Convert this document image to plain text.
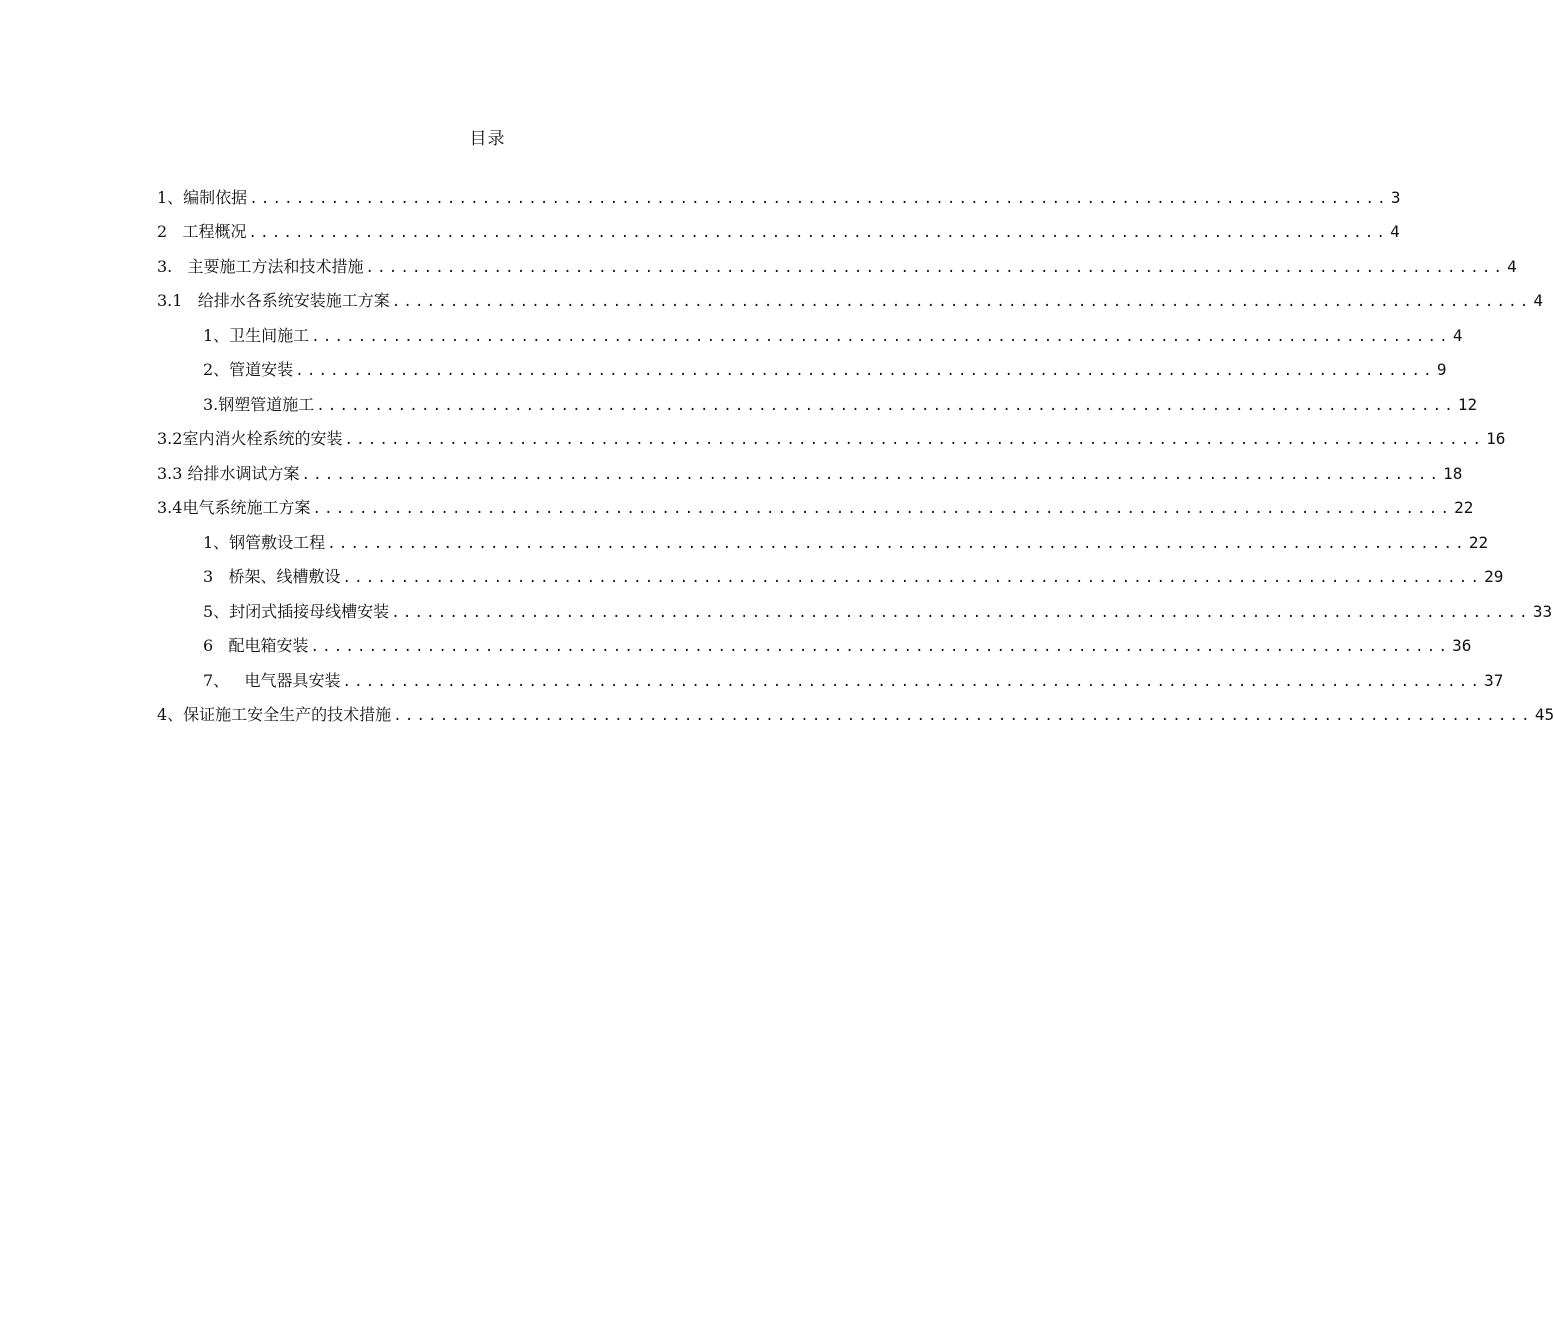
目录
1、编制依据 .................................................................................................. 3
2   工程概况 .................................................................................................. 4
3.   主要施工方法和技术措施 .................................................................................................. 4
3.1   给排水各系统安装施工方案 .................................................................................................. 4
1、卫生间施工 .................................................................................................. 4
2、管道安装 .................................................................................................. 9
3.钢塑管道施工 .................................................................................................. 12
3.2室内消火栓系统的安装 .................................................................................................. 16
3.3 给排水调试方案 .................................................................................................. 18
3.4电气系统施工方案 .................................................................................................. 22
1、钢管敷设工程 .................................................................................................. 22
3   桥架、线槽敷设 .................................................................................................. 29
5、封闭式插接母线槽安装 .................................................................................................. 33
6   配电箱安装 .................................................................................................. 36
7、   电气器具安装 .................................................................................................. 37
4、保证施工安全生产的技术措施 .................................................................................................. 45
